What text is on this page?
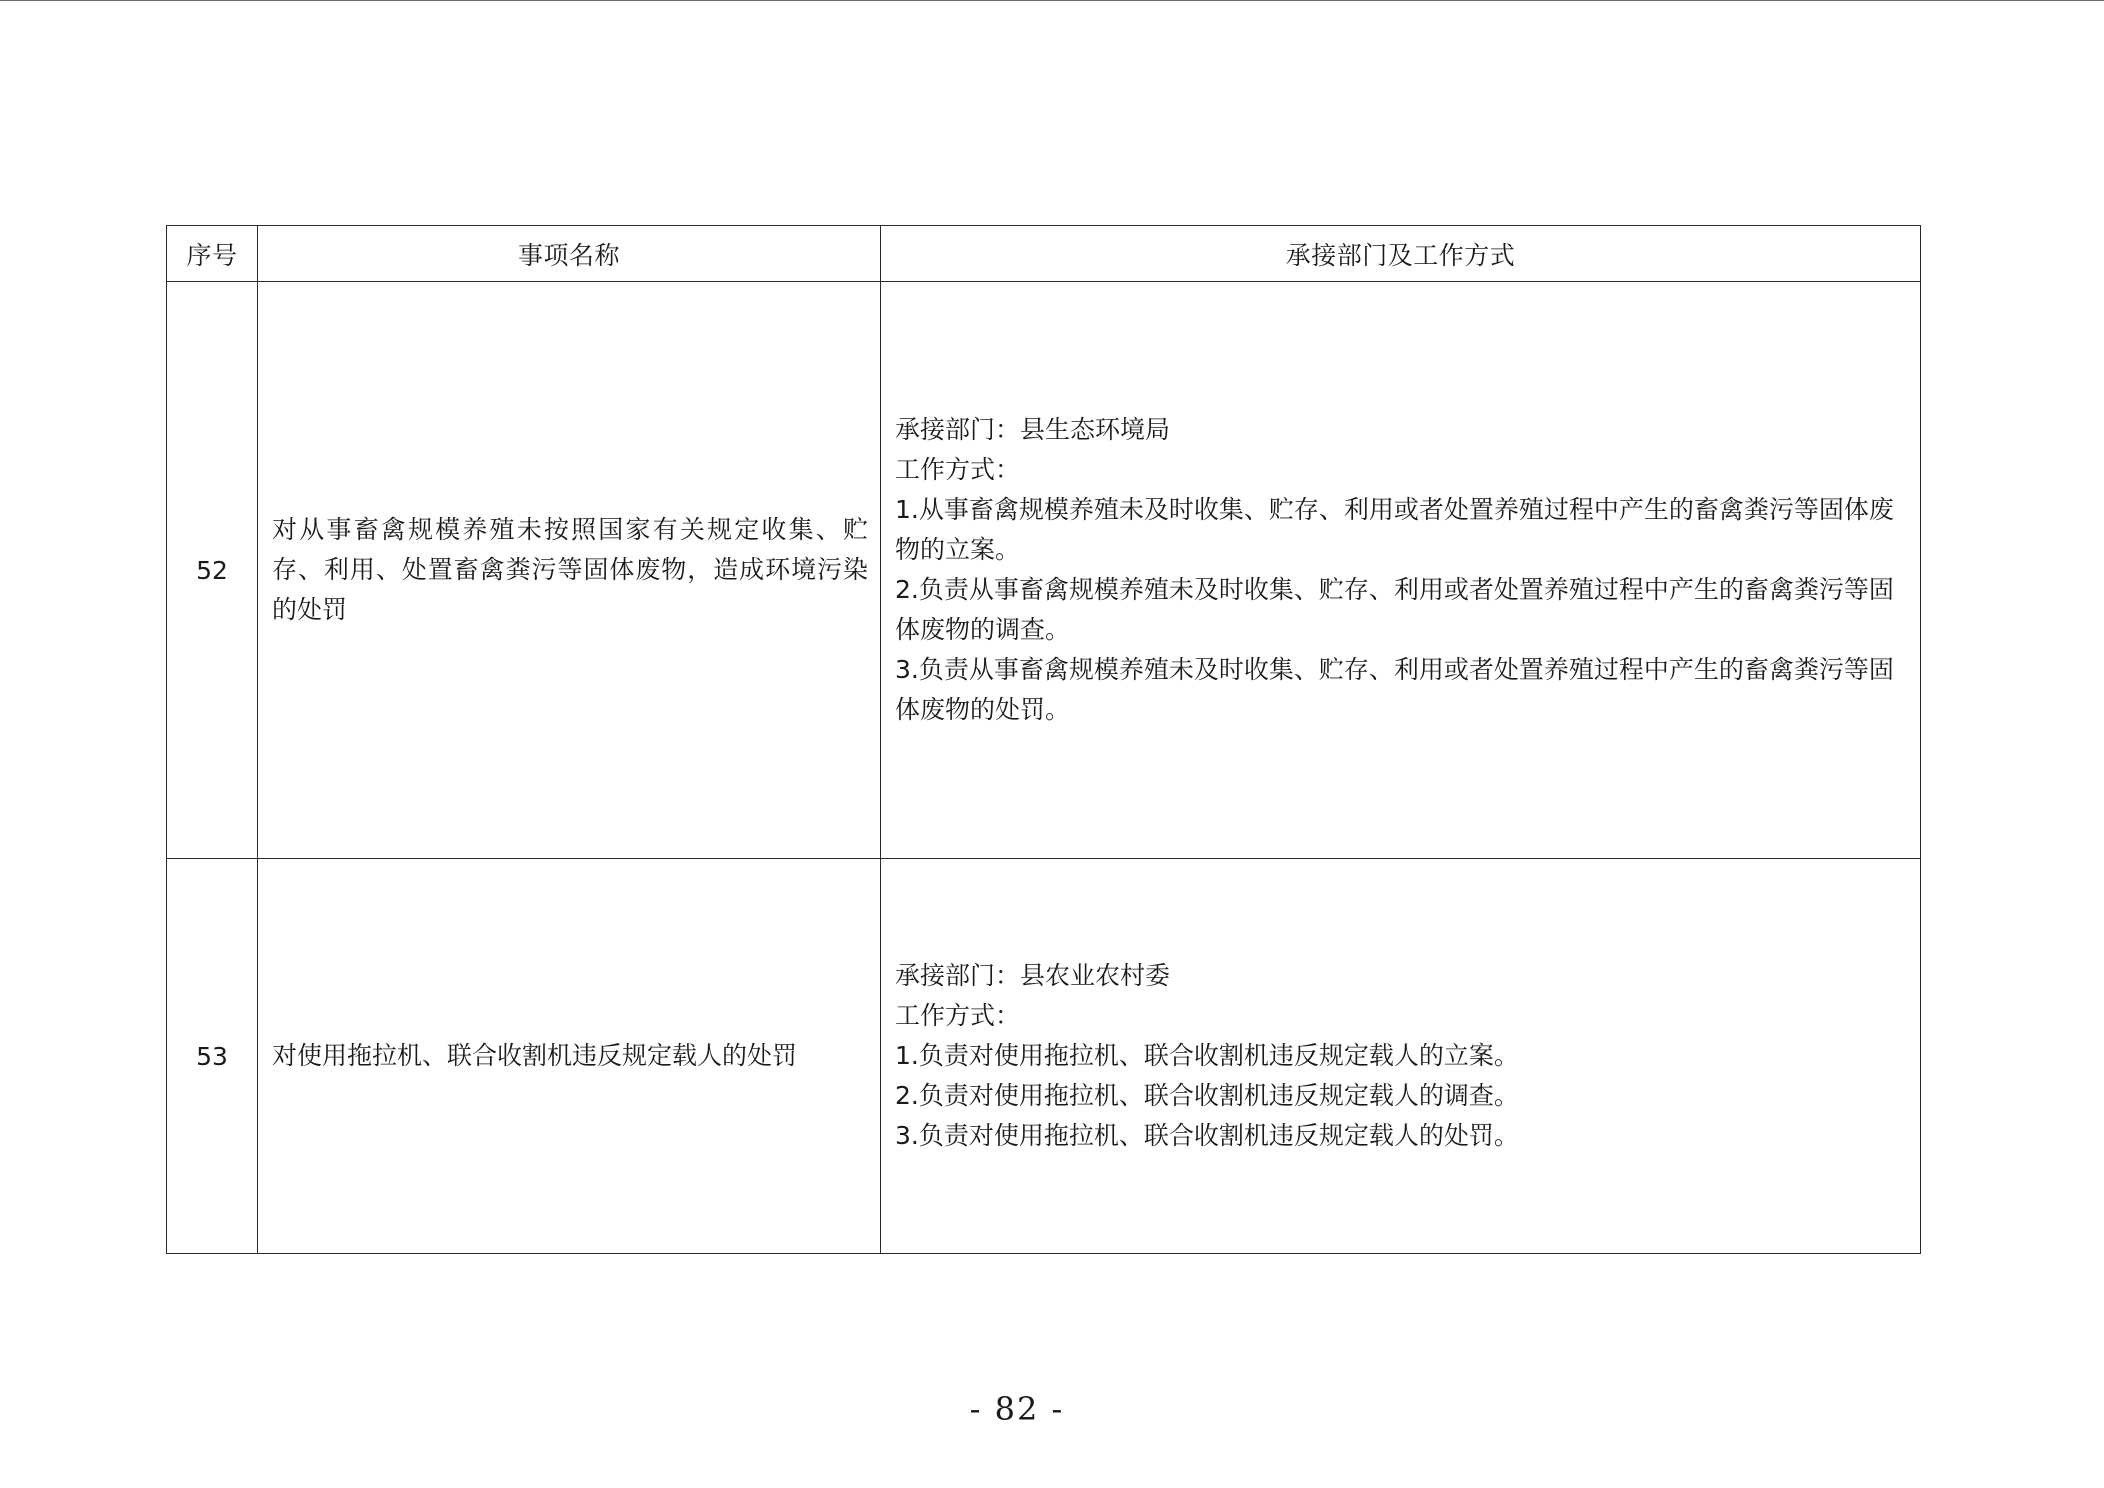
序号	事项名称	承接部门及工作方式
52	对从事畜禽规模养殖未按照国家有关规定收集、贮存、利用、处置畜禽粪污等固体废物，造成环境污染的处罚	承接部门：县生态环境局
工作方式：
1.从事畜禽规模养殖未及时收集、贮存、利用或者处置养殖过程中产生的畜禽粪污等固体废物的立案。
2.负责从事畜禽规模养殖未及时收集、贮存、利用或者处置养殖过程中产生的畜禽粪污等固体废物的调查。
3.负责从事畜禽规模养殖未及时收集、贮存、利用或者处置养殖过程中产生的畜禽粪污等固体废物的处罚。

53	对使用拖拉机、联合收割机违反规定载人的处罚	承接部门：县农业农村委
工作方式：
1.负责对使用拖拉机、联合收割机违反规定载人的立案。
2.负责对使用拖拉机、联合收割机违反规定载人的调查。
3.负责对使用拖拉机、联合收割机违反规定载人的处罚。
- 82 -
